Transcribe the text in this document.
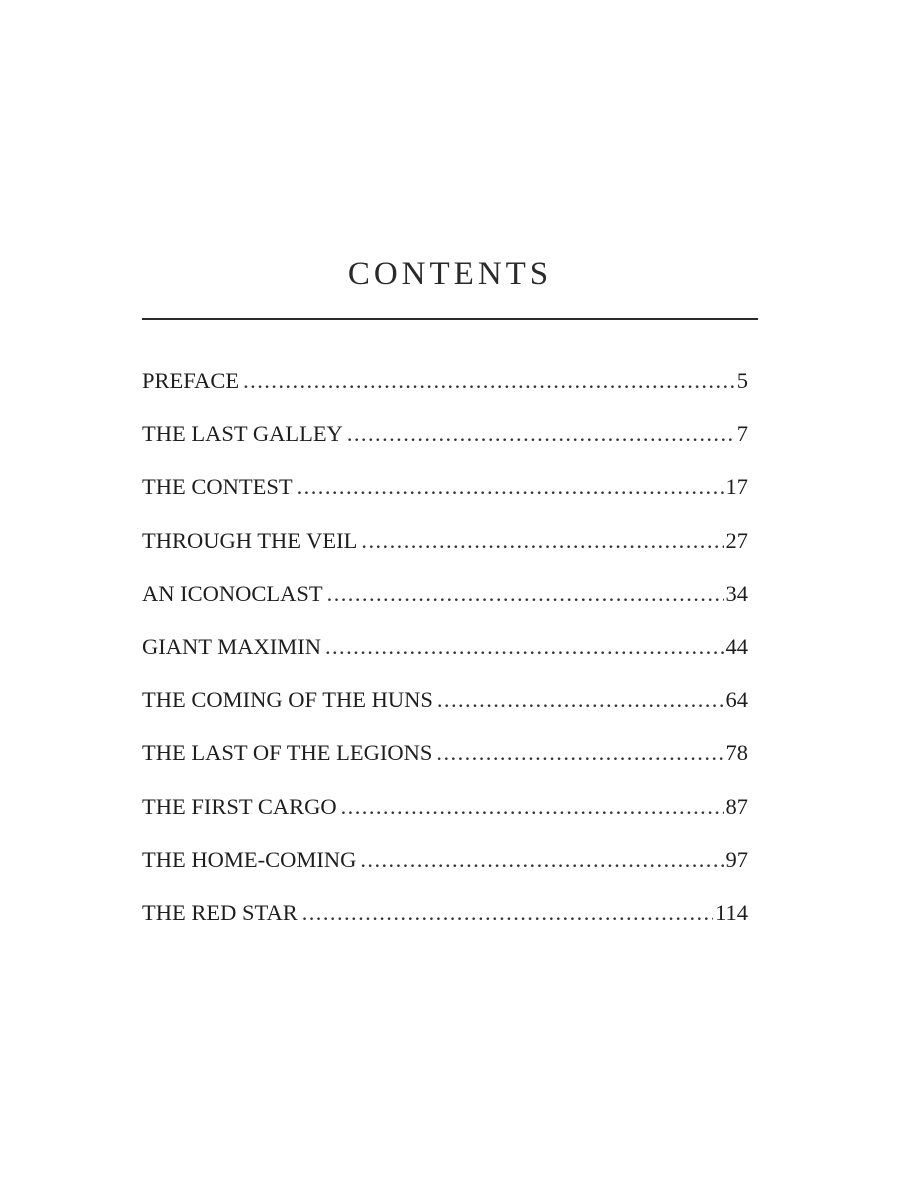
CONTENTS
PREFACE . . .	5
THE LAST GALLEY . . .	7
THE CONTEST . . .	17
THROUGH THE VEIL . . .	27
AN ICONOCLAST . . .	34
GIANT MAXIMIN . . .	44
THE COMING OF THE HUNS . . .	64
THE LAST OF THE LEGIONS . . .	78
THE FIRST CARGO . . .	87
THE HOME-COMING . . .	97
THE RED STAR . . .	114
